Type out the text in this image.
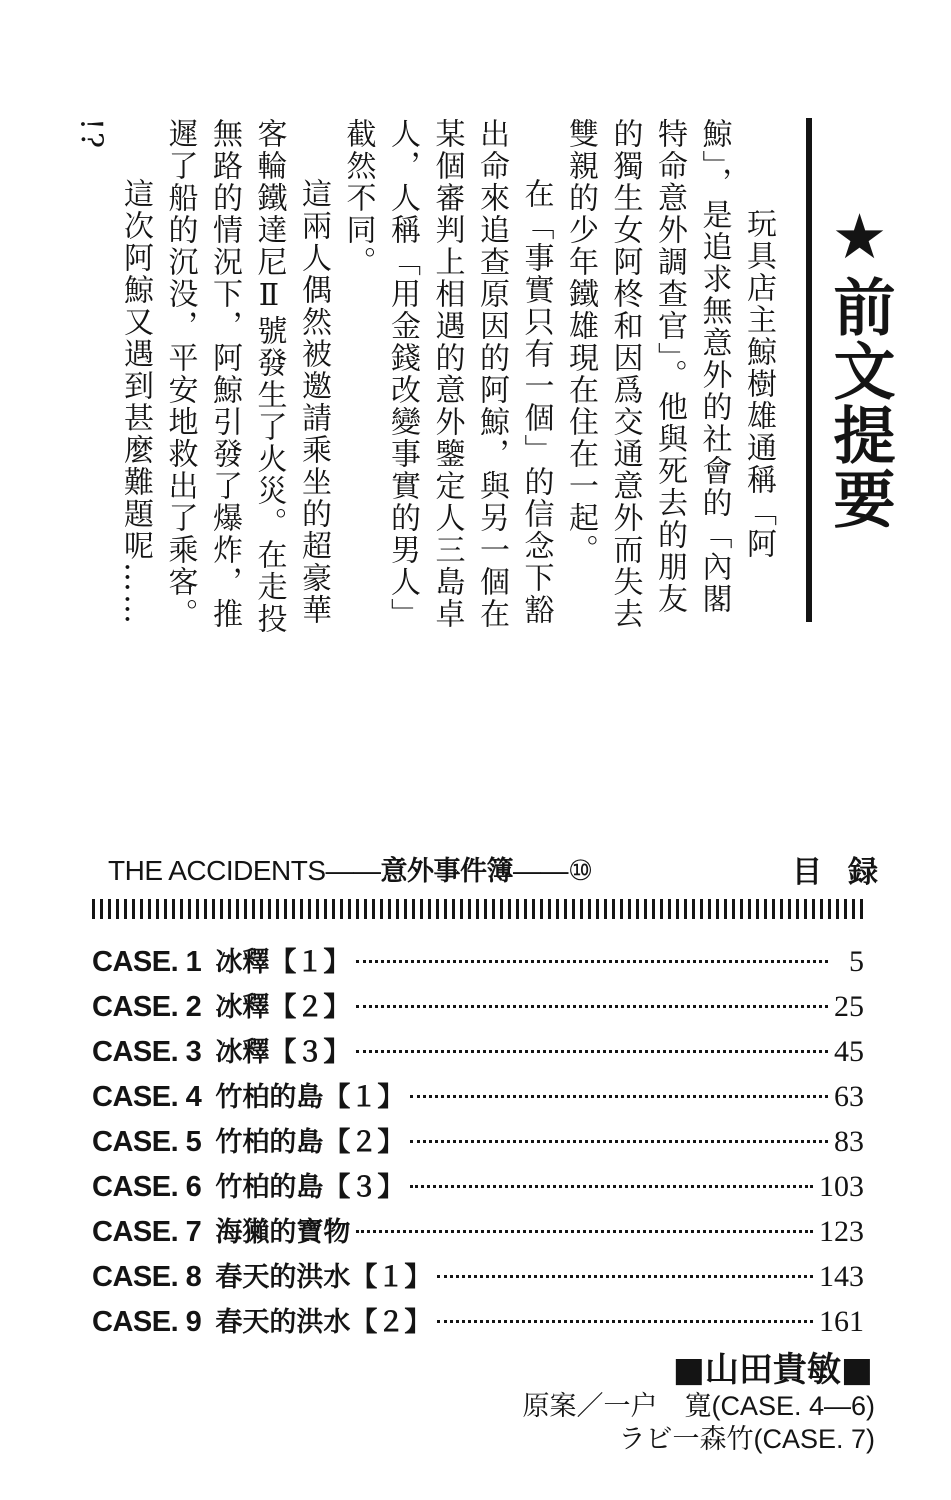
★前文提要

玩具店主鯨樹雄通稱「阿鯨」，是追求無意外的社會的「內閣特命意外調查官」。他與死去的朋友的獨生女阿柊和因爲交通意外而失去雙親的少年鐵雄現在住在一起。

在「事實只有一個」的信念下豁出命來追查原因的阿鯨，與另一個在某個審判上相遇的意外鑒定人三島卓人，人稱「用金錢改變事實的男人」截然不同。

這兩人偶然被邀請乘坐的超豪華客輪鐵達尼Ⅱ號發生了火災。在走投無路的情況下，阿鯨引發了爆炸，推遲了船的沉没，平安地救出了乘客。

這次阿鯨又遇到甚麼難題呢……

!?

THE ACCIDENTS——意外事件簿——⑩	目録
CASE. 1 冰釋【１】	5
CASE. 2 冰釋【２】	25
CASE. 3 冰釋【３】	45
CASE. 4 竹柏的島【１】	63
CASE. 5 竹柏的島【２】	83
CASE. 6 竹柏的島【３】	103
CASE. 7 海獺的寶物	123
CASE. 8 春天的洪水【１】	143
CASE. 9 春天的洪水【２】	161
■山田貴敏■
原案／一户　寛(CASE. 4—6)
ラビ一森竹(CASE. 7)
